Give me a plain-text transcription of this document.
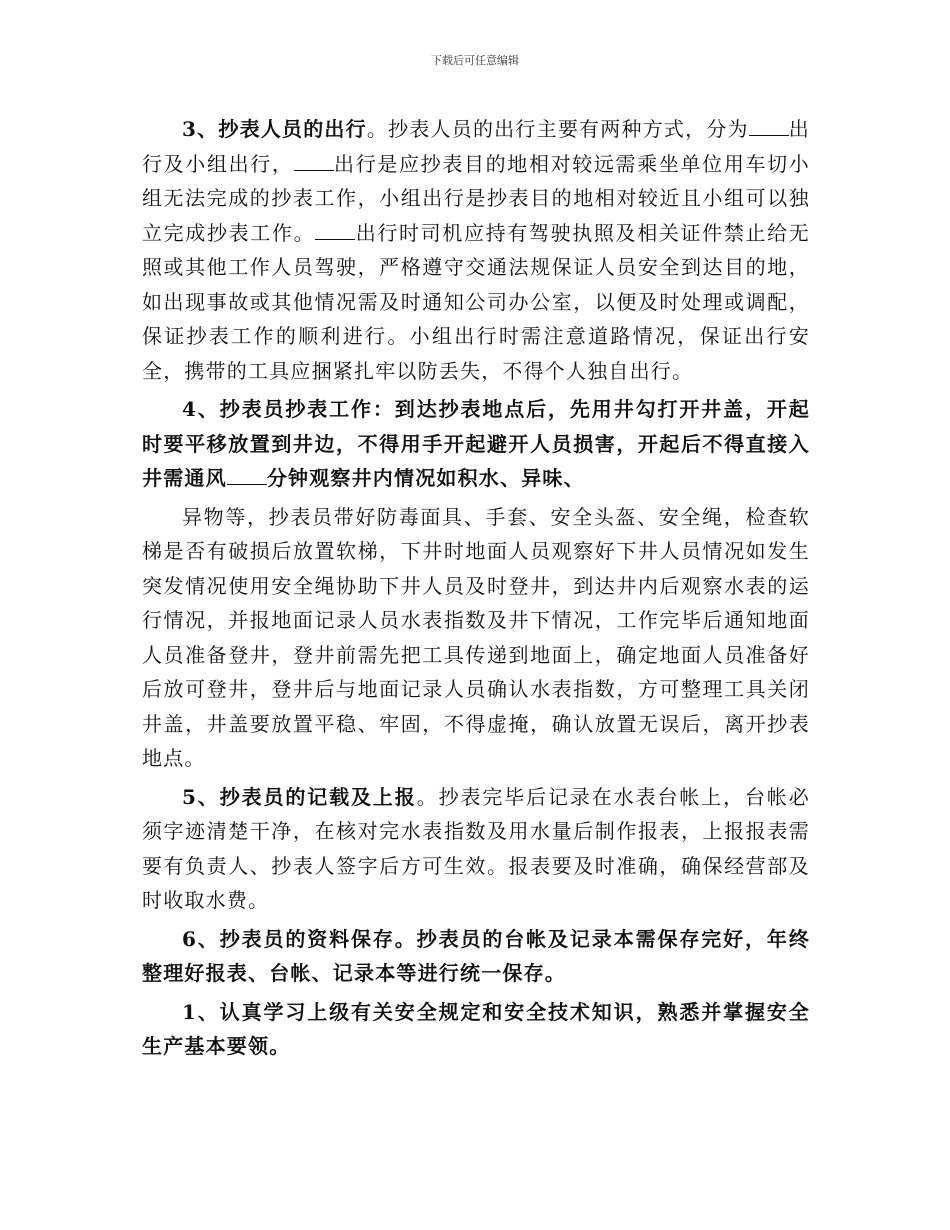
下载后可任意编辑

3、抄表人员的出行。抄表人员的出行主要有两种方式，分为 出行及小组出行， 出行是应抄表目的地相对较远需乘坐单位用车切小组无法完成的抄表工作，小组出行是抄表目的地相对较近且小组可以独立完成抄表工作。 出行时司机应持有驾驶执照及相关证件禁止给无照或其他工作人员驾驶，严格遵守交通法规保证人员安全到达目的地，如出现事故或其他情况需及时通知公司办公室，以便及时处理或调配，保证抄表工作的顺利进行。小组出行时需注意道路情况，保证出行安全，携带的工具应捆紧扎牢以防丢失，不得个人独自出行。

4、抄表员抄表工作：到达抄表地点后，先用井勾打开井盖，开起时要平移放置到井边，不得用手开起避开人员损害，开起后不得直接入井需通风 分钟观察井内情况如积水、异味、

异物等，抄表员带好防毒面具、手套、安全头盔、安全绳，检查软梯是否有破损后放置软梯，下井时地面人员观察好下井人员情况如发生突发情况使用安全绳协助下井人员及时登井，到达井内后观察水表的运行情况，并报地面记录人员水表指数及井下情况，工作完毕后通知地面人员准备登井，登井前需先把工具传递到地面上，确定地面人员准备好后放可登井，登井后与地面记录人员确认水表指数，方可整理工具关闭井盖，井盖要放置平稳、牢固，不得虚掩，确认放置无误后，离开抄表地点。

5、抄表员的记载及上报。抄表完毕后记录在水表台帐上，台帐必须字迹清楚干净，在核对完水表指数及用水量后制作报表，上报报表需要有负责人、抄表人签字后方可生效。报表要及时准确，确保经营部及时收取水费。

6、抄表员的资料保存。抄表员的台帐及记录本需保存完好，年终整理好报表、台帐、记录本等进行统一保存。

1、认真学习上级有关安全规定和安全技术知识，熟悉并掌握安全生产基本要领。
